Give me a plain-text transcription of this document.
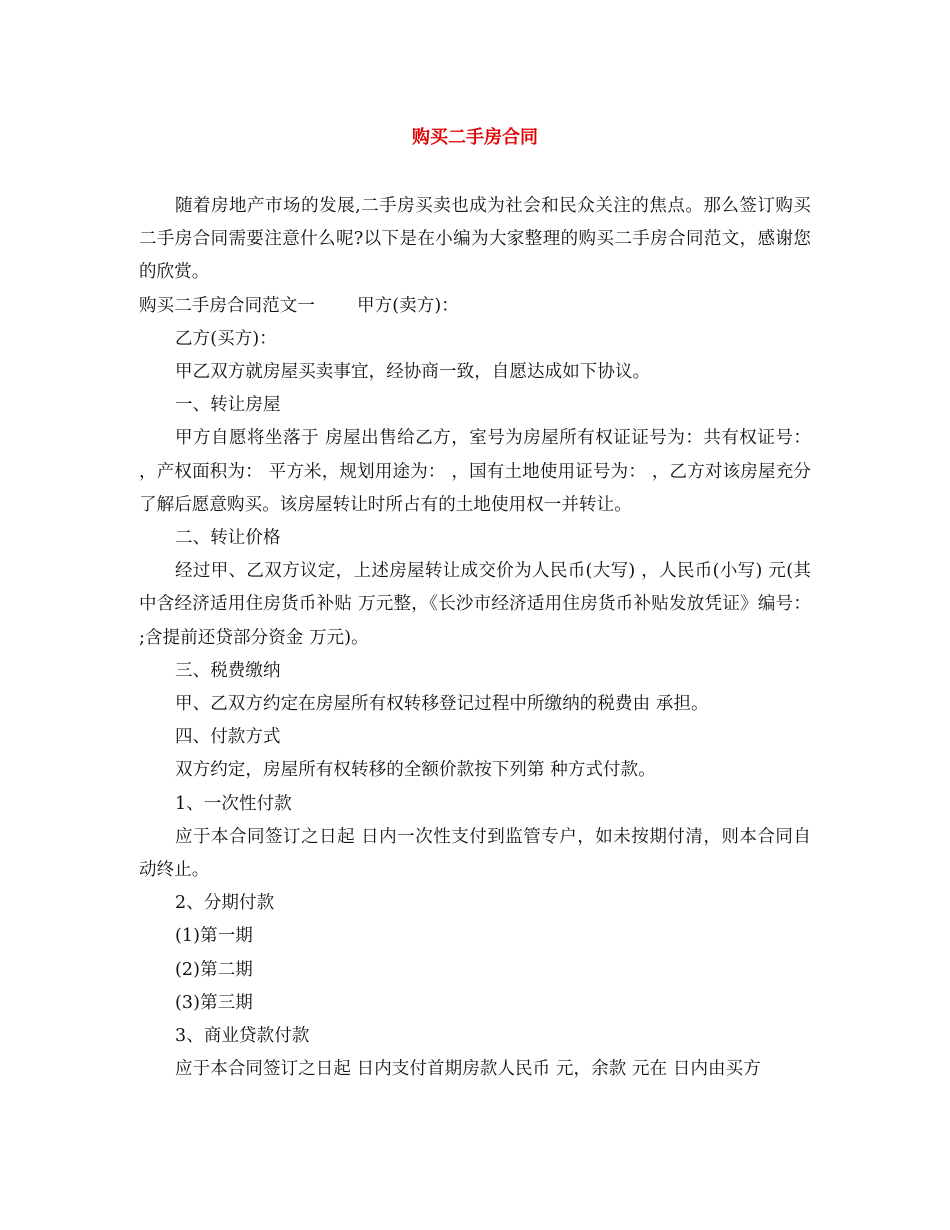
购买二手房合同

随着房地产市场的发展,二手房买卖也成为社会和民众关注的焦点。那么签订购买二手房合同需要注意什么呢?以下是在小编为大家整理的购买二手房合同范文，感谢您的欣赏。

购买二手房合同范文一 甲方(卖方)：

乙方(买方)：

甲乙双方就房屋买卖事宜，经协商一致，自愿达成如下协议。

一、转让房屋

甲方自愿将坐落于 房屋出售给乙方，室号为房屋所有权证证号为：共有权证号： ，产权面积为： 平方米，规划用途为： ，国有土地使用证号为： ，乙方对该房屋充分了解后愿意购买。该房屋转让时所占有的土地使用权一并转让。

二、转让价格

经过甲、乙双方议定，上述房屋转让成交价为人民币(大写) ，人民币(小写) 元(其中含经济适用住房货币补贴 万元整，《长沙市经济适用住房货币补贴发放凭证》编号： ;含提前还贷部分资金 万元)。

三、税费缴纳

甲、乙双方约定在房屋所有权转移登记过程中所缴纳的税费由 承担。

四、付款方式

双方约定，房屋所有权转移的全额价款按下列第 种方式付款。

1、一次性付款

应于本合同签订之日起 日内一次性支付到监管专户，如未按期付清，则本合同自动终止。

2、分期付款

(1)第一期

(2)第二期

(3)第三期

3、商业贷款付款

应于本合同签订之日起 日内支付首期房款人民币 元，余款 元在 日内由买方
